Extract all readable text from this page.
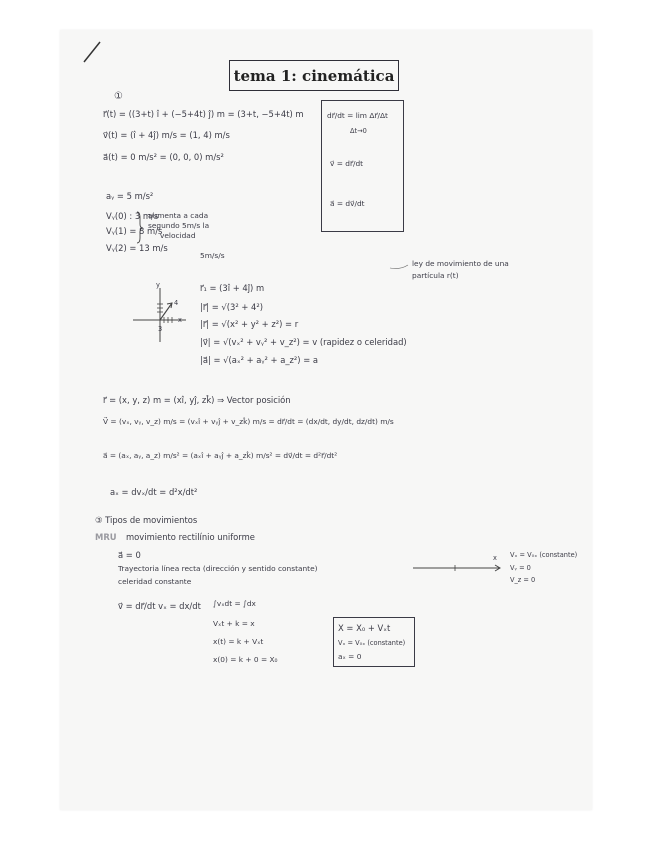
tema 1: cinemática
①
r⃗(t) = ((3+t) î + (−5+4t) ĵ) m = (3+t, −5+4t) m
v⃗(t) = (î + 4ĵ) m/s = (1, 4) m/s
a⃗(t) = 0 m/s² = (0, 0, 0) m/s²
aᵧ = 5 m/s²
Vᵧ(0) : 3 m/s
Vᵧ(1) = 8 m/s
Vᵧ(2) = 13 m/s
aumenta a cada
segundo 5m/s la
velocidad
5m/s/s
dr⃗/dt = lim Δr⃗/Δt
Δt→0
v⃗ = dr⃗/dt
a⃗ = dv⃗/dt
ley de movimiento de una
partícula r(t)
y
x
4
3
r⃗₁ = (3î + 4ĵ) m
|r⃗| = √(3² + 4²)
|r⃗| = √(x² + y² + z²) = r
|v⃗| = √(vₓ² + vᵧ² + v_z²) = v (rapidez o celeridad)
|a⃗| = √(aₓ² + aᵧ² + a_z²) = a
r⃗ = (x, y, z) m = (xî, yĵ, zk̂) ⇒ Vector posición
V⃗ = (vₓ, vᵧ, v_z) m/s = (vₓî + vᵧĵ + v_zk̂) m/s = dr⃗/dt = (dx/dt, dy/dt, dz/dt) m/s
a⃗ = (aₓ, aᵧ, a_z) m/s² = (aₓî + aᵧĵ + a_zk̂) m/s² = dv⃗/dt = d²r⃗/dt²
aₓ = dvₓ/dt = d²x/dt²
③ Tipos de movimientos
MRU movimiento rectilínio uniforme
a⃗ = 0
Trayectoria línea recta (dirección y sentido constante)
celeridad constante
v⃗ = dr⃗/dt vₓ = dx/dt ∫vₓdt = ∫dx
Vₓt + k = x
x(t) = k + Vₓt
x(0) = k + 0 = X₀
X = X₀ + Vₓt
Vₓ = V₀ₓ (constante)
aₓ = 0
x Vₓ = V₀ₓ (constante)
Vᵧ = 0
V_z = 0
